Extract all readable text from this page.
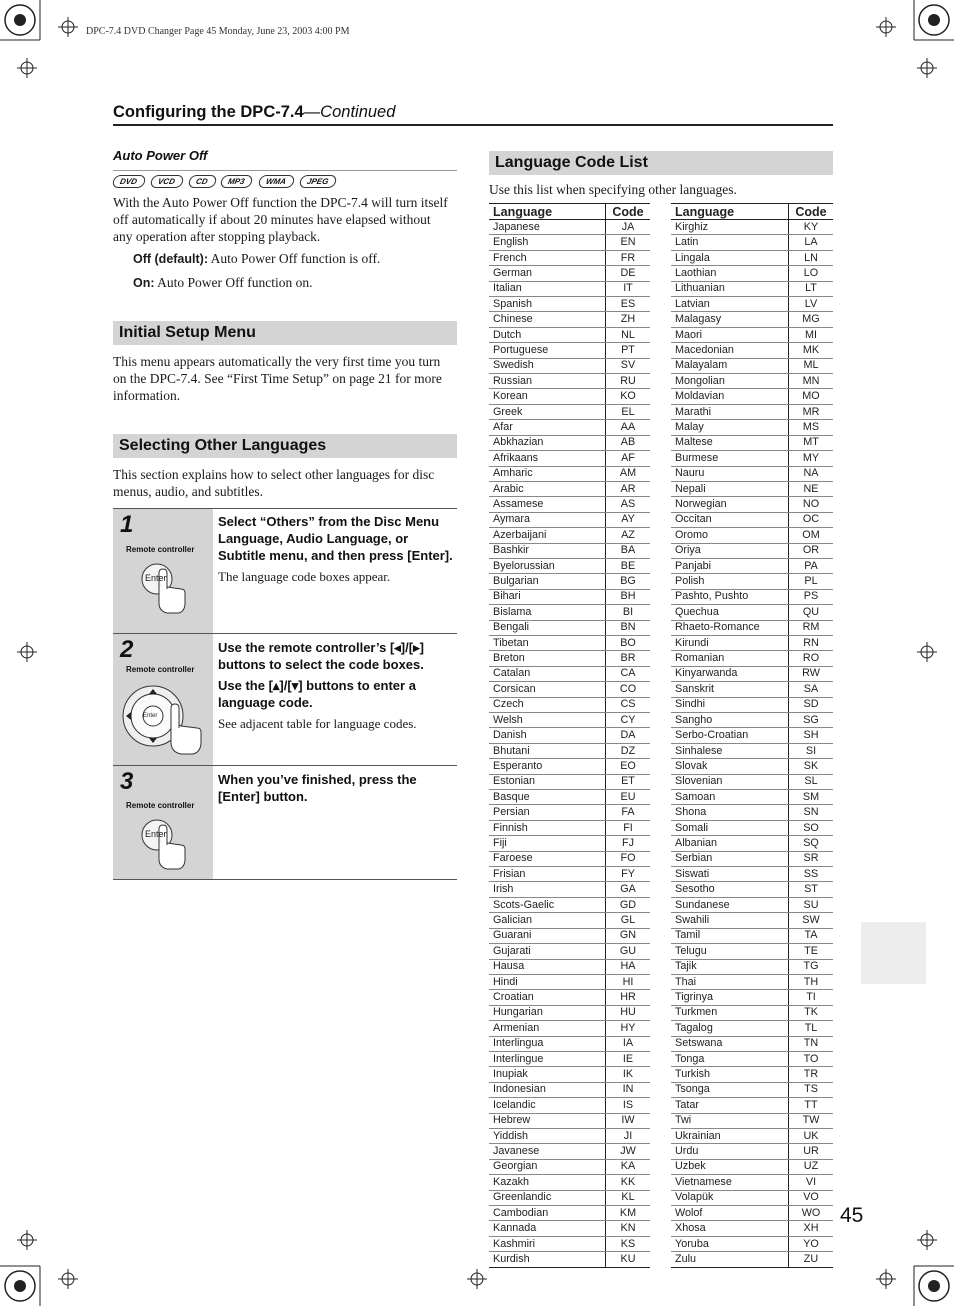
DPC-7.4 DVD Changer Page 45 Monday, June 23, 2003 4:00 PM
Configuring the DPC-7.4—Continued
Auto Power Off
DVD	VCD	CD	MP3	WMA	JPEG
With the Auto Power Off function the DPC-7.4 will turn itself off automatically if about 20 minutes have elapsed without any operation after stopping playback.
Off (default): Auto Power Off function is off.
On: Auto Power Off function on.
Initial Setup Menu
This menu appears automatically the very first time you turn on the DPC-7.4. See “First Time Setup” on page 21 for more information.
Selecting Other Languages
This section explains how to select other languages for disc menus, audio, and subtitles.
1
Remote controller
Enter
Select “Others” from the Disc Menu Language, Audio Language, or Subtitle menu, and then press [Enter].
The language code boxes appear.
2
Remote controller
Enter
Use the remote controller’s [◂]/[▸] buttons to select the code boxes.
Use the [▴]/[▾] buttons to enter a language code.
See adjacent table for language codes.
3
Remote controller
Enter
When you’ve finished, press the [Enter] button.
Language Code List
Use this list when specifying other languages.
Language	Code
Japanese	JA
English	EN
French	FR
German	DE
Italian	IT
Spanish	ES
Chinese	ZH
Dutch	NL
Portuguese	PT
Swedish	SV
Russian	RU
Korean	KO
Greek	EL
Afar	AA
Abkhazian	AB
Afrikaans	AF
Amharic	AM
Arabic	AR
Assamese	AS
Aymara	AY
Azerbaijani	AZ
Bashkir	BA
Byelorussian	BE
Bulgarian	BG
Bihari	BH
Bislama	BI
Bengali	BN
Tibetan	BO
Breton	BR
Catalan	CA
Corsican	CO
Czech	CS
Welsh	CY
Danish	DA
Bhutani	DZ
Esperanto	EO
Estonian	ET
Basque	EU
Persian	FA
Finnish	FI
Fiji	FJ
Faroese	FO
Frisian	FY
Irish	GA
Scots-Gaelic	GD
Galician	GL
Guarani	GN
Gujarati	GU
Hausa	HA
Hindi	HI
Croatian	HR
Hungarian	HU
Armenian	HY
Interlingua	IA
Interlingue	IE
Inupiak	IK
Indonesian	IN
Icelandic	IS
Hebrew	IW
Yiddish	JI
Javanese	JW
Georgian	KA
Kazakh	KK
Greenlandic	KL
Cambodian	KM
Kannada	KN
Kashmiri	KS
Kurdish	KU
Language	Code
Kirghiz	KY
Latin	LA
Lingala	LN
Laothian	LO
Lithuanian	LT
Latvian	LV
Malagasy	MG
Maori	MI
Macedonian	MK
Malayalam	ML
Mongolian	MN
Moldavian	MO
Marathi	MR
Malay	MS
Maltese	MT
Burmese	MY
Nauru	NA
Nepali	NE
Norwegian	NO
Occitan	OC
Oromo	OM
Oriya	OR
Panjabi	PA
Polish	PL
Pashto, Pushto	PS
Quechua	QU
Rhaeto-Romance	RM
Kirundi	RN
Romanian	RO
Kinyarwanda	RW
Sanskrit	SA
Sindhi	SD
Sangho	SG
Serbo-Croatian	SH
Sinhalese	SI
Slovak	SK
Slovenian	SL
Samoan	SM
Shona	SN
Somali	SO
Albanian	SQ
Serbian	SR
Siswati	SS
Sesotho	ST
Sundanese	SU
Swahili	SW
Tamil	TA
Telugu	TE
Tajik	TG
Thai	TH
Tigrinya	TI
Turkmen	TK
Tagalog	TL
Setswana	TN
Tonga	TO
Turkish	TR
Tsonga	TS
Tatar	TT
Twi	TW
Ukrainian	UK
Urdu	UR
Uzbek	UZ
Vietnamese	VI
Volapük	VO
Wolof	WO
Xhosa	XH
Yoruba	YO
Zulu	ZU
45
